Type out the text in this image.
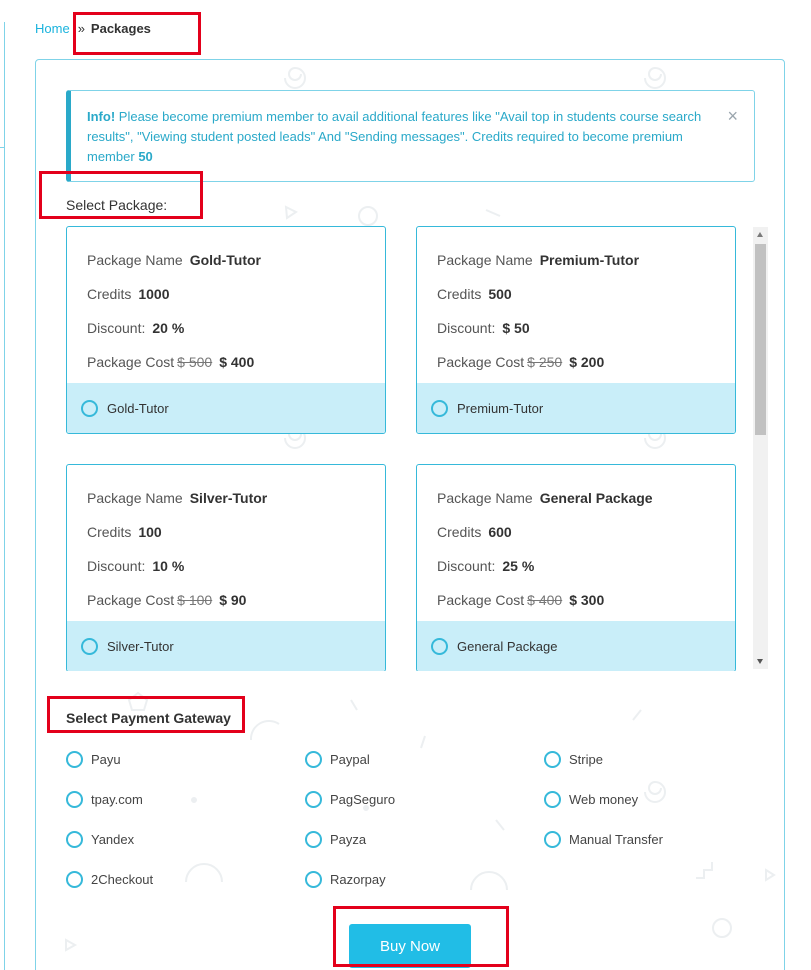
Home » Packages
Info! Please become premium member to avail additional features like "Avail top in students course search results", "Viewing student posted leads" And "Sending messages". Credits required to become premium member 50
×
Select Package:
Package Name Gold-Tutor
Credits 1000
Discount: 20 %
Package Cost $ 500 $ 400
Gold-Tutor
Package Name Premium-Tutor
Credits 500
Discount: $ 50
Package Cost $ 250 $ 200
Premium-Tutor
Package Name Silver-Tutor
Credits 100
Discount: 10 %
Package Cost $ 100 $ 90
Silver-Tutor
Package Name General Package
Credits 600
Discount: 25 %
Package Cost $ 400 $ 300
General Package
Select Payment Gateway
Payu	Paypal	Stripe
tpay.com	PagSeguro	Web money
Yandex	Payza	Manual Transfer
2Checkout	Razorpay
Buy Now
